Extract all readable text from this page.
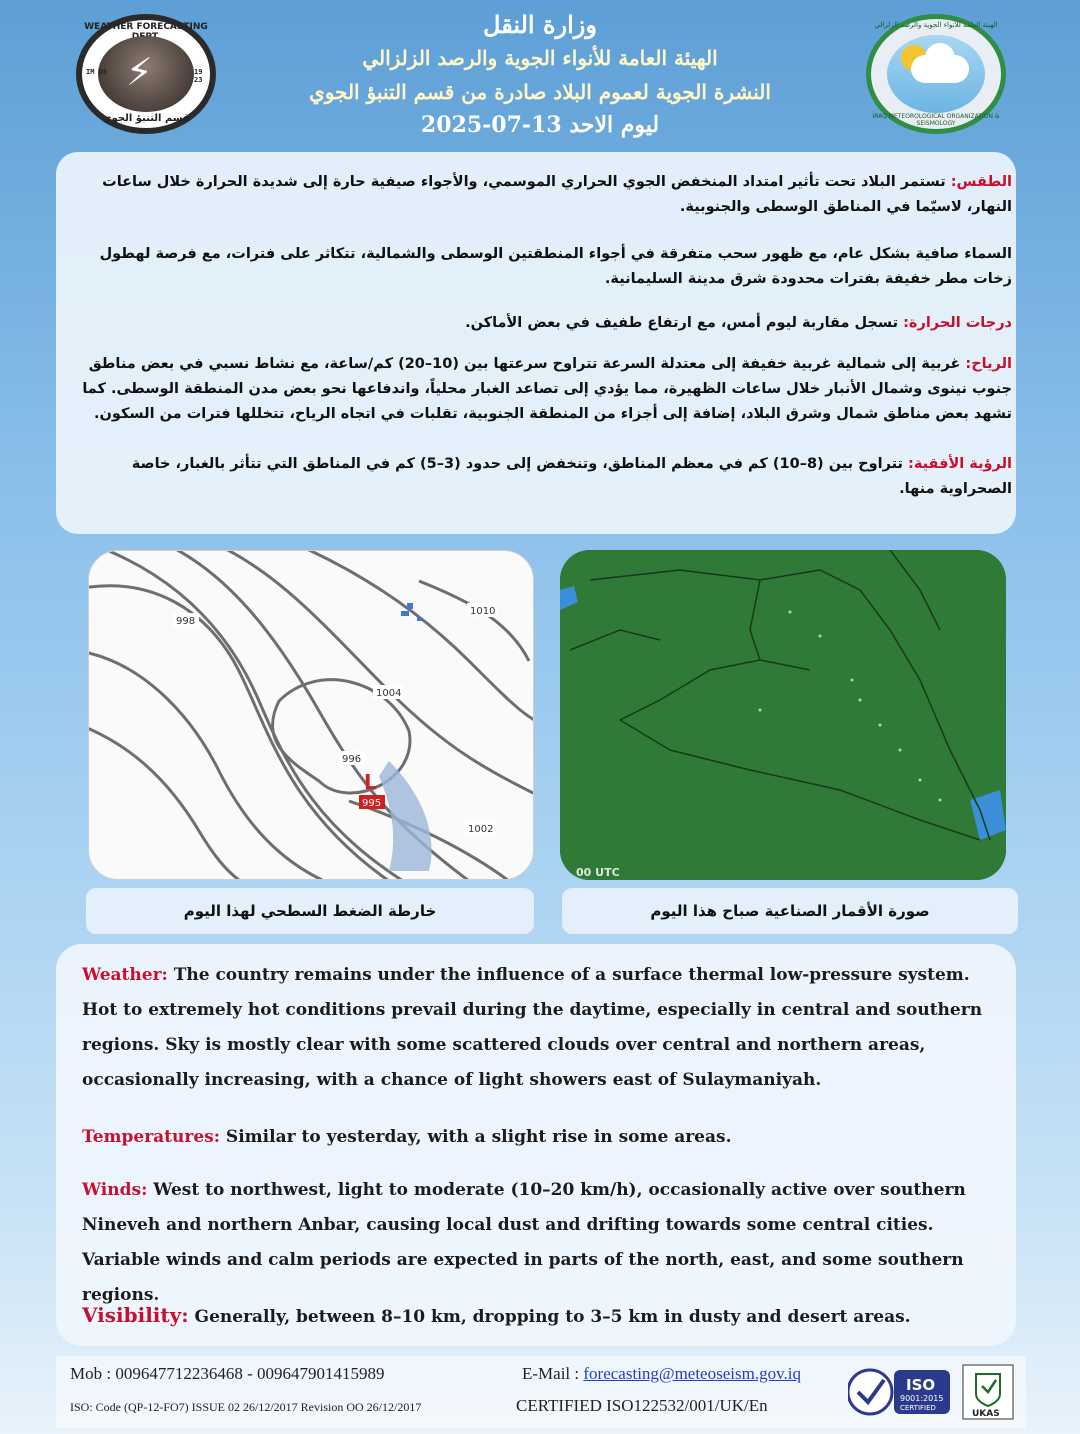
WEATHER FORECASTING
⚡
IM OS	19 23
قسم التنبؤ الجوي
وزارة النقل
الهيئة العامة للأنواء الجوية والرصد الزلزالي
النشرة الجوية لعموم البلاد صادرة من قسم التنبؤ الجوي
ليوم الاحد 13-07-2025
الهيئة العامة للأنواء الجوية والرصد الزلزالي
IRAQ METEOROLOGICAL ORGANIZATION & SEISMOLOGY

الطقس: تستمر البلاد تحت تأثير امتداد المنخفض الجوي الحراري الموسمي، والأجواء صيفية حارة إلى شديدة الحرارة خلال ساعات النهار، لاسيّما في المناطق الوسطى والجنوبية.

السماء صافية بشكل عام، مع ظهور سحب متفرقة في أجواء المنطقتين الوسطى والشمالية، تتكاثر على فترات، مع فرصة لهطول زخات مطر خفيفة بفترات محدودة شرق مدينة السليمانية.

درجات الحرارة: تسجل مقاربة ليوم أمس، مع ارتفاع طفيف في بعض الأماكن.

الرياح: غربية إلى شمالية غربية خفيفة إلى معتدلة السرعة تتراوح سرعتها بين (10–20) كم/ساعة، مع نشاط نسبي في بعض مناطق جنوب نينوى وشمال الأنبار خلال ساعات الظهيرة، مما يؤدي إلى تصاعد الغبار محلياً، واندفاعها نحو بعض مدن المنطقة الوسطى. كما تشهد بعض مناطق شمال وشرق البلاد، إضافة إلى أجزاء من المنطقة الجنوبية، تقلبات في اتجاه الرياح، تتخللها فترات من السكون.

الرؤية الأفقية: تتراوح بين (8–10) كم في معظم المناطق، وتنخفض إلى حدود (3–5) كم في المناطق التي تتأثر بالغبار، خاصة الصحراوية منها.

998
1004
1010
996
1002
L
995
00 UTC
خارطة الضغط السطحي لهذا اليوم	صورة الأقمار الصناعية صباح هذا اليوم

Weather: The country remains under the influence of a surface thermal low-pressure system. Hot to extremely hot conditions prevail during the daytime, especially in central and southern regions. Sky is mostly clear with some scattered clouds over central and northern areas, occasionally increasing, with a chance of light showers east of Sulaymaniyah.

Temperatures: Similar to yesterday, with a slight rise in some areas.

Winds: West to northwest, light to moderate (10–20 km/h), occasionally active over southern Nineveh and northern Anbar, causing local dust and drifting towards some central cities. Variable winds and calm periods are expected in parts of the north, east, and some southern regions.

Visibility: Generally, between 8–10 km, dropping to 3–5 km in dusty and desert areas.

Mob : 009647712236468 - 009647901415989	E-Mail : forecasting@meteoseism.gov.iq
ISO: Code (QP-12-FO7) ISSUE 02 26/12/2017 Revision OO 26/12/2017	CERTIFIED ISO122532/001/UK/En
ISO
9001:2015
CERTIFIED
UKAS
